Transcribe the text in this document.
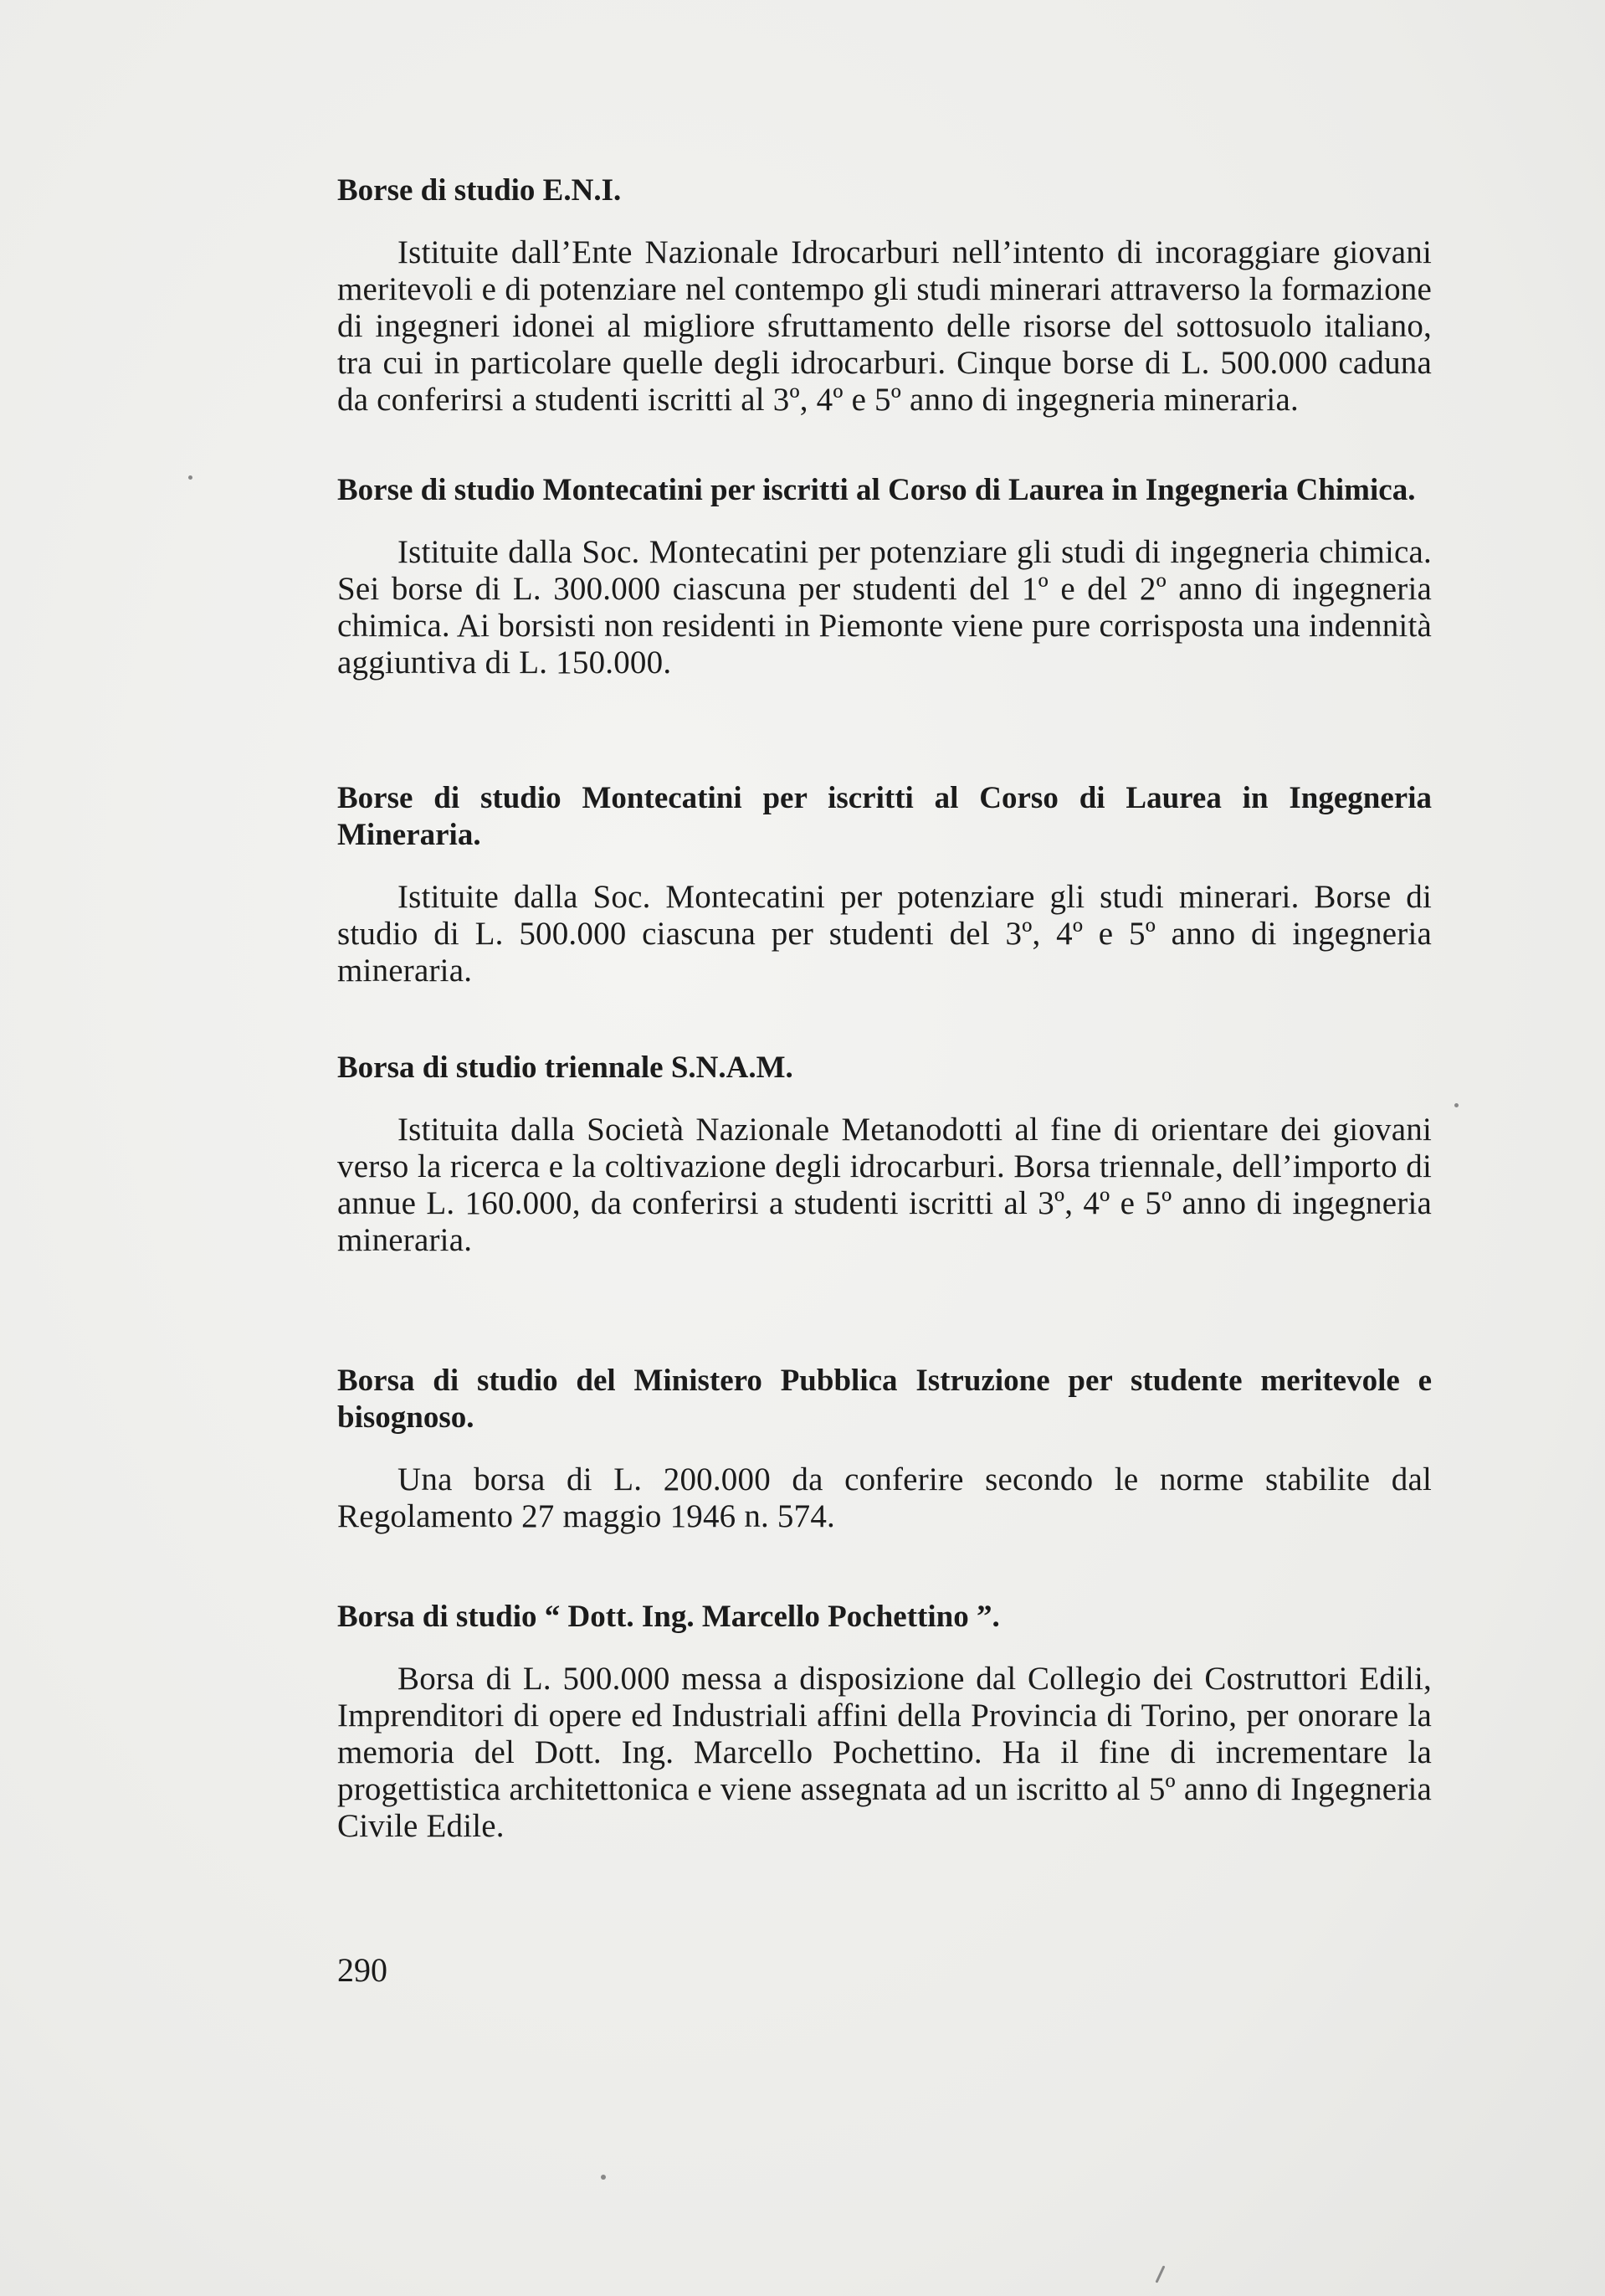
Borse di studio E.N.I.

Istituite dall’Ente Nazionale Idrocarburi nell’intento di incoraggiare giovani meritevoli e di potenziare nel contempo gli studi minerari attraverso la formazione di ingegneri idonei al migliore sfruttamento delle risorse del sottosuolo italiano, tra cui in particolare quelle degli idrocarburi. Cinque borse di L. 500.000 caduna da conferirsi a studenti iscritti al 3º, 4º e 5º anno di ingegneria mineraria.

Borse di studio Montecatini per iscritti al Corso di Laurea in Ingegneria Chimica.

Istituite dalla Soc. Montecatini per potenziare gli studi di ingegneria chimica. Sei borse di L. 300.000 ciascuna per studenti del 1º e del 2º anno di ingegneria chimica. Ai borsisti non residenti in Piemonte viene pure corrisposta una indennità aggiuntiva di L. 150.000.

Borse di studio Montecatini per iscritti al Corso di Laurea in Ingegneria Mineraria.

Istituite dalla Soc. Montecatini per potenziare gli studi minerari. Borse di studio di L. 500.000 ciascuna per studenti del 3º, 4º e 5º anno di ingegneria mineraria.

Borsa di studio triennale S.N.A.M.

Istituita dalla Società Nazionale Metanodotti al fine di orientare dei giovani verso la ricerca e la coltivazione degli idrocarburi. Borsa triennale, dell’importo di annue L. 160.000, da conferirsi a studenti iscritti al 3º, 4º e 5º anno di ingegneria mineraria.

Borsa di studio del Ministero Pubblica Istruzione per studente meritevole e bisognoso.

Una borsa di L. 200.000 da conferire secondo le norme stabilite dal Regolamento 27 maggio 1946 n. 574.

Borsa di studio “ Dott. Ing. Marcello Pochettino ”.

Borsa di L. 500.000 messa a disposizione dal Collegio dei Costruttori Edili, Imprenditori di opere ed Industriali affini della Provincia di Torino, per onorare la memoria del Dott. Ing. Marcello Pochettino. Ha il fine di incrementare la progettistica architettonica e viene assegnata ad un iscritto al 5º anno di Ingegneria Civile Edile.

290
